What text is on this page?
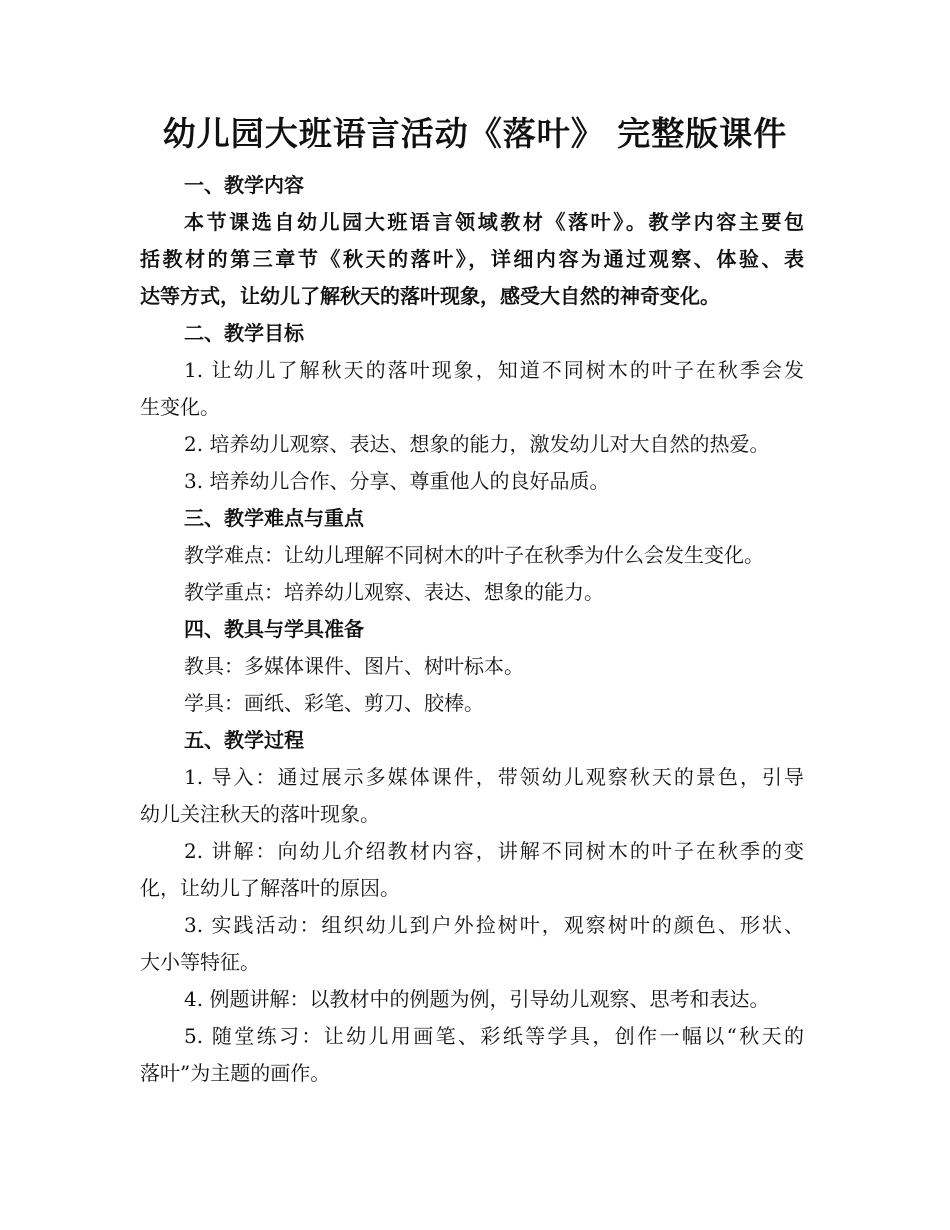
幼儿园大班语言活动《落叶》 完整版课件
一、教学内容
本节课选自幼儿园大班语言领域教材《落叶》。教学内容主要包
括教材的第三章节《秋天的落叶》，详细内容为通过观察、体验、表
达等方式，让幼儿了解秋天的落叶现象，感受大自然的神奇变化。
二、教学目标
1. 让幼儿了解秋天的落叶现象，知道不同树木的叶子在秋季会发
生变化。
2. 培养幼儿观察、表达、想象的能力，激发幼儿对大自然的热爱。
3. 培养幼儿合作、分享、尊重他人的良好品质。
三、教学难点与重点
教学难点：让幼儿理解不同树木的叶子在秋季为什么会发生变化。
教学重点：培养幼儿观察、表达、想象的能力。
四、教具与学具准备
教具：多媒体课件、图片、树叶标本。
学具：画纸、彩笔、剪刀、胶棒。
五、教学过程
1. 导入：通过展示多媒体课件，带领幼儿观察秋天的景色，引导
幼儿关注秋天的落叶现象。
2. 讲解：向幼儿介绍教材内容，讲解不同树木的叶子在秋季的变
化，让幼儿了解落叶的原因。
3. 实践活动：组织幼儿到户外捡树叶，观察树叶的颜色、形状、
大小等特征。
4. 例题讲解：以教材中的例题为例，引导幼儿观察、思考和表达。
5. 随堂练习：让幼儿用画笔、彩纸等学具，创作一幅以“秋天的
落叶”为主题的画作。
